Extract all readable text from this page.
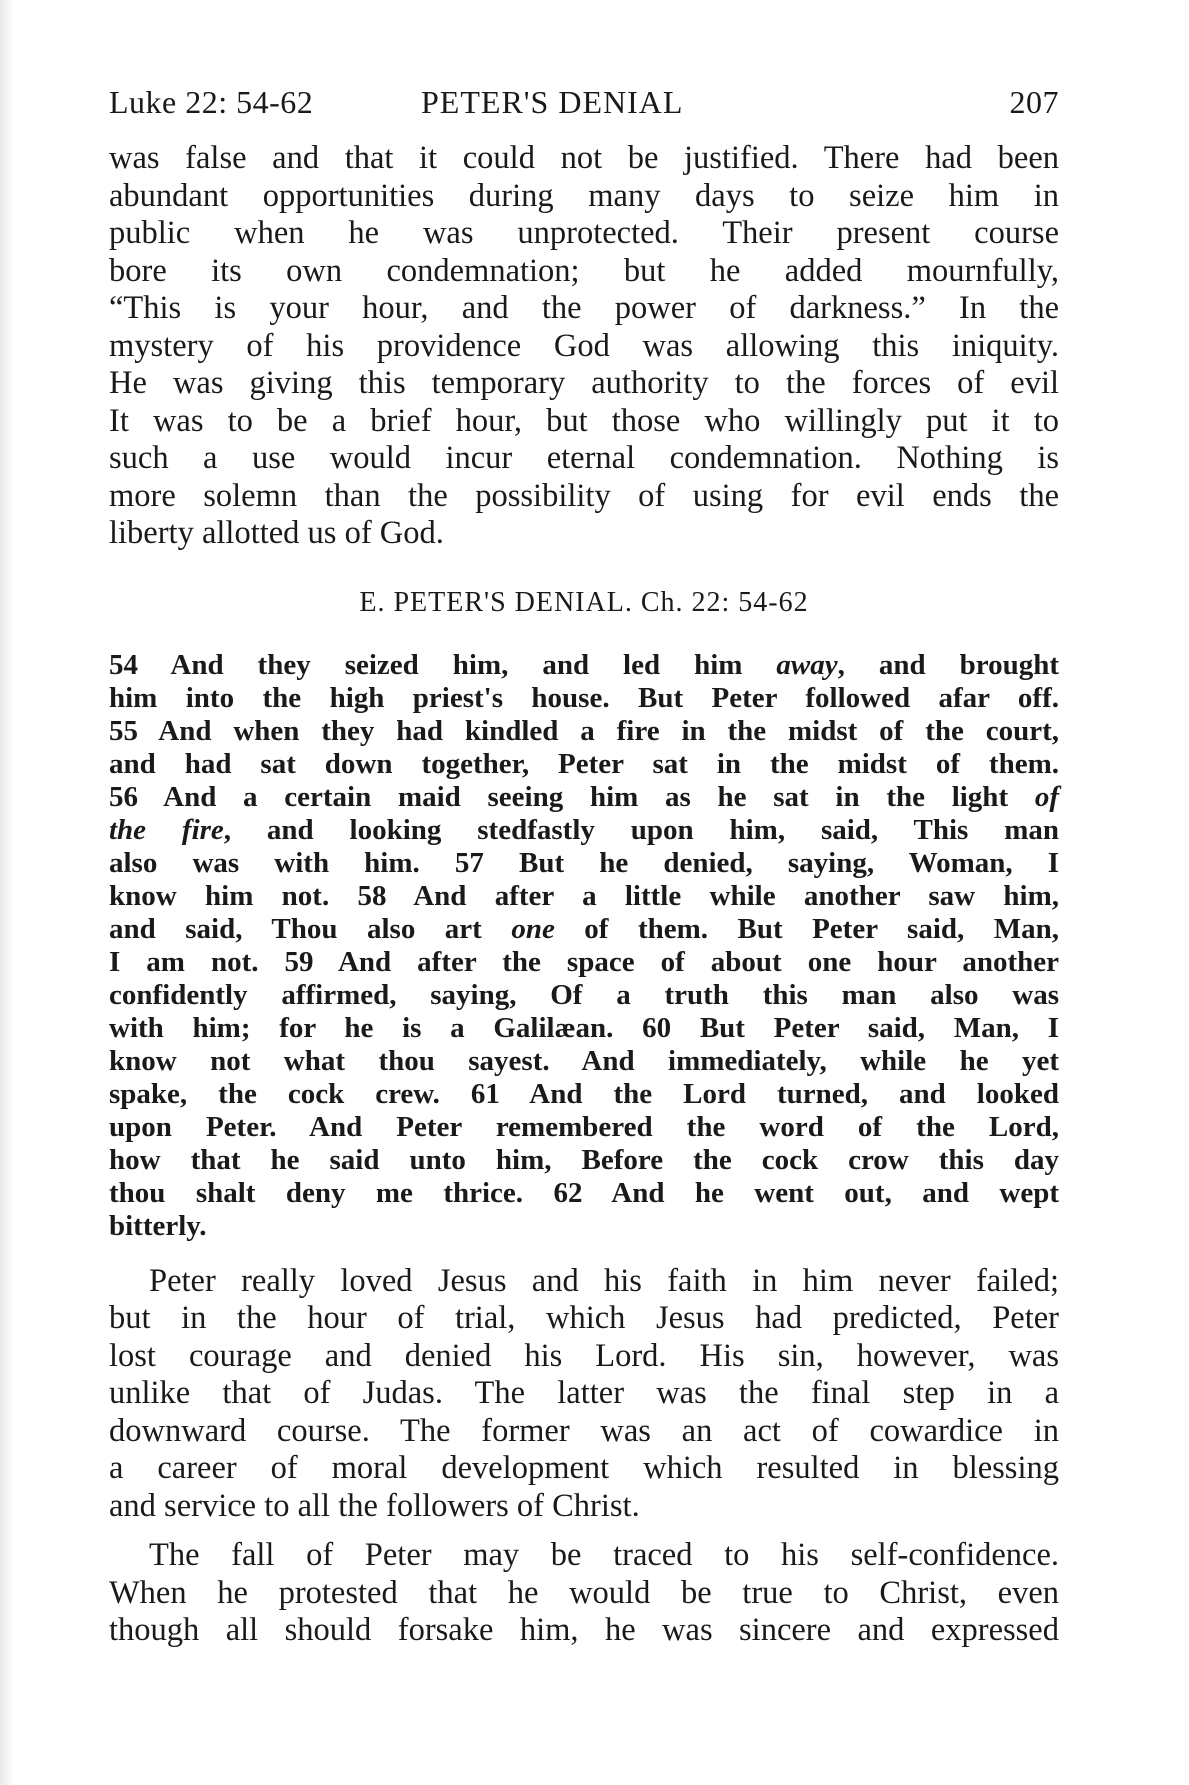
Luke 22: 54-62	PETER'S DENIAL	207
was false and that it could not be justified. There had been
abundant opportunities during many days to seize him in
public when he was unprotected. Their present course
bore its own condemnation; but he added mournfully,
“This is your hour, and the power of darkness.” In the
mystery of his providence God was allowing this iniquity.
He was giving this temporary authority to the forces of evil
It was to be a brief hour, but those who willingly put it to
such a use would incur eternal condemnation. Nothing is
more solemn than the possibility of using for evil ends the
liberty allotted us of God.
E. PETER'S DENIAL. Ch. 22: 54-62
54 And they seized him, and led him away, and brought
him into the high priest's house. But Peter followed afar off.
55 And when they had kindled a fire in the midst of the court,
and had sat down together, Peter sat in the midst of them.
56 And a certain maid seeing him as he sat in the light of
the fire, and looking stedfastly upon him, said, This man
also was with him. 57 But he denied, saying, Woman, I
know him not. 58 And after a little while another saw him,
and said, Thou also art one of them. But Peter said, Man,
I am not. 59 And after the space of about one hour another
confidently affirmed, saying, Of a truth this man also was
with him; for he is a Galilæan. 60 But Peter said, Man, I
know not what thou sayest. And immediately, while he yet
spake, the cock crew. 61 And the Lord turned, and looked
upon Peter. And Peter remembered the word of the Lord,
how that he said unto him, Before the cock crow this day
thou shalt deny me thrice. 62 And he went out, and wept
bitterly.
Peter really loved Jesus and his faith in him never failed;
but in the hour of trial, which Jesus had predicted, Peter
lost courage and denied his Lord. His sin, however, was
unlike that of Judas. The latter was the final step in a
downward course. The former was an act of cowardice in
a career of moral development which resulted in blessing
and service to all the followers of Christ.
The fall of Peter may be traced to his self-confidence.
When he protested that he would be true to Christ, even
though all should forsake him, he was sincere and expressed
